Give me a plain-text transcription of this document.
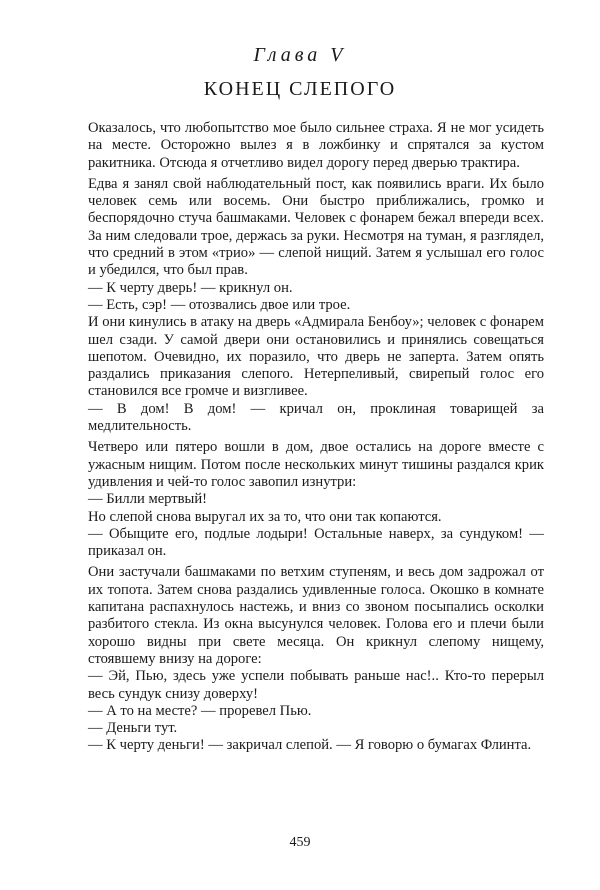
Глава V
КОНЕЦ СЛЕПОГО

Оказалось, что любопытство мое было сильнее страха. Я не мог усидеть на месте. Осторожно вылез я в ложбинку и спрятался за кустом ракитника. Отсюда я отчетливо видел дорогу перед дверью трактира.

Едва я занял свой наблюдательный пост, как появились враги. Их было человек семь или восемь. Они быстро приближались, громко и беспорядочно стуча башмаками. Человек с фонарем бежал впереди всех. За ним следовали трое, держась за руки. Несмотря на туман, я разглядел, что средний в этом «трио» — слепой нищий. Затем я услышал его голос и убедился, что был прав.

— К черту дверь! — крикнул он.

— Есть, сэр! — отозвались двое или трое.

И они кинулись в атаку на дверь «Адмирала Бенбоу»; человек с фонарем шел сзади. У самой двери они остановились и принялись совещаться шепотом. Очевидно, их поразило, что дверь не заперта. Затем опять раздались приказания слепого. Нетерпеливый, свирепый голос его становился все громче и визгливее.

— В дом! В дом! — кричал он, проклиная товарищей за медлительность.

Четверо или пятеро вошли в дом, двое остались на дороге вместе с ужасным нищим. Потом после нескольких минут тишины раздался крик удивления и чей-то голос завопил изнутри:

— Билли мертвый!

Но слепой снова выругал их за то, что они так копаются.

— Обыщите его, подлые лодыри! Остальные наверх, за сундуком! — приказал он.

Они застучали башмаками по ветхим ступеням, и весь дом задрожал от их топота. Затем снова раздались удивленные голоса. Окошко в комнате капитана распахнулось настежь, и вниз со звоном посыпались осколки разбитого стекла. Из окна высунулся человек. Голова его и плечи были хорошо видны при свете месяца. Он крикнул слепому нищему, стоявшему внизу на дороге:

— Эй, Пью, здесь уже успели побывать раньше нас!.. Кто-то перерыл весь сундук снизу доверху!

— А то на месте? — проревел Пью.

— Деньги тут.

— К черту деньги! — закричал слепой. — Я говорю о бумагах Флинта.

459
